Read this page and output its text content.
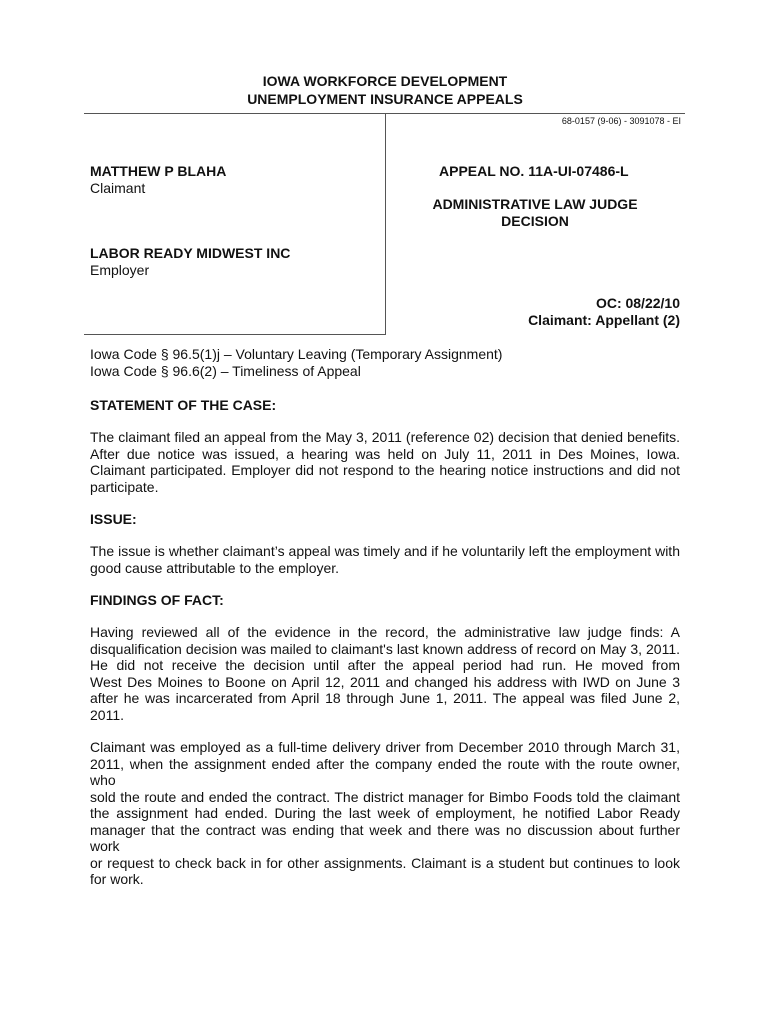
IOWA WORKFORCE DEVELOPMENT
UNEMPLOYMENT INSURANCE APPEALS
68-0157 (9-06) - 3091078 - EI
MATTHEW P BLAHA
Claimant
LABOR READY MIDWEST INC
Employer
APPEAL NO. 11A-UI-07486-L
ADMINISTRATIVE LAW JUDGE
DECISION
OC: 08/22/10
Claimant: Appellant (2)
Iowa Code § 96.5(1)j – Voluntary Leaving (Temporary Assignment)
Iowa Code § 96.6(2) – Timeliness of Appeal
STATEMENT OF THE CASE:
The claimant filed an appeal from the May 3, 2011 (reference 02) decision that denied benefits.
After due notice was issued, a hearing was held on July 11, 2011 in Des Moines, Iowa.
Claimant participated. Employer did not respond to the hearing notice instructions and did not
participate.
ISSUE:
The issue is whether claimant’s appeal was timely and if he voluntarily left the employment with
good cause attributable to the employer.
FINDINGS OF FACT:
Having reviewed all of the evidence in the record, the administrative law judge finds: A
disqualification decision was mailed to claimant's last known address of record on May 3, 2011.
He did not receive the decision until after the appeal period had run. He moved from
West Des Moines to Boone on April 12, 2011 and changed his address with IWD on June 3
after he was incarcerated from April 18 through June 1, 2011. The appeal was filed June 2,
2011.
Claimant was employed as a full-time delivery driver from December 2010 through March 31,
2011, when the assignment ended after the company ended the route with the route owner, who
sold the route and ended the contract. The district manager for Bimbo Foods told the claimant
the assignment had ended. During the last week of employment, he notified Labor Ready
manager that the contract was ending that week and there was no discussion about further work
or request to check back in for other assignments. Claimant is a student but continues to look
for work.
